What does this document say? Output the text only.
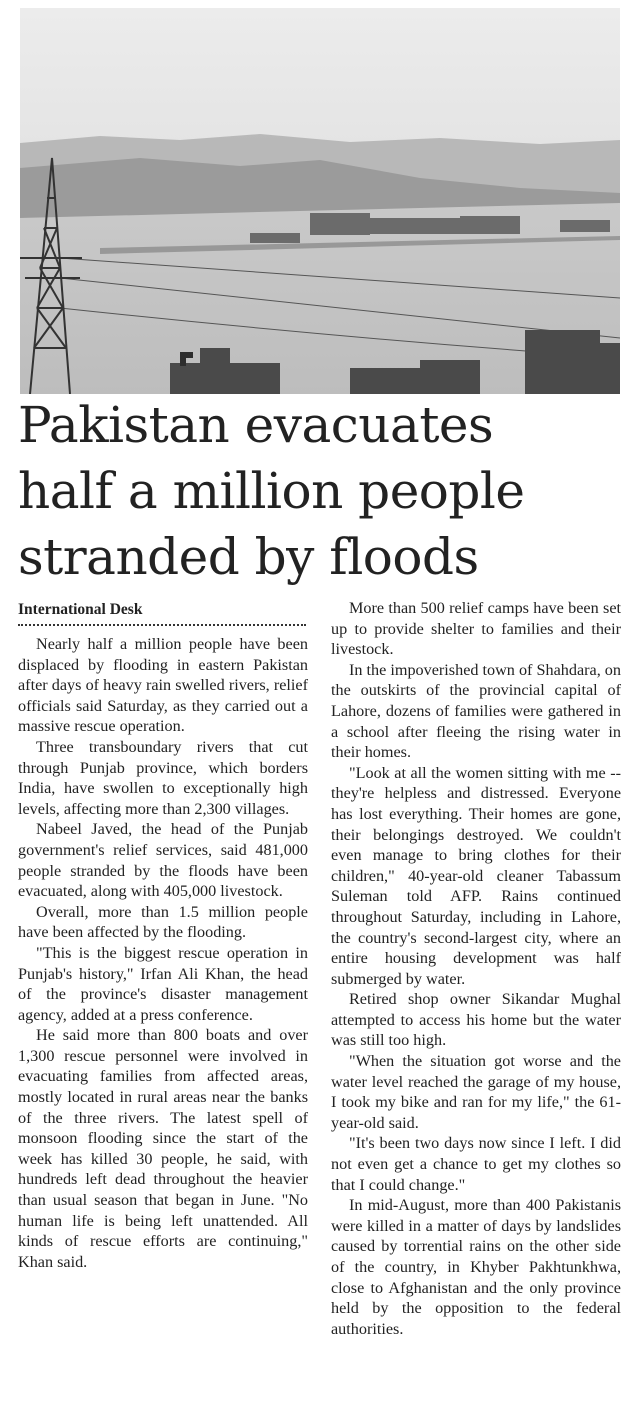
Pakistan evacuates
half a million people
stranded by floods
International Desk

Nearly half a million people have been displaced by flooding in eastern Pakistan after days of heavy rain swelled rivers, relief officials said Saturday, as they carried out a massive rescue operation.

Three transboundary rivers that cut through Punjab province, which borders India, have swollen to exceptionally high levels, affecting more than 2,300 villages.

Nabeel Javed, the head of the Punjab government's relief services, said 481,000 people stranded by the floods have been evacuated, along with 405,000 livestock.

Overall, more than 1.5 million people have been affected by the flooding.

"This is the biggest rescue operation in Punjab's history," Irfan Ali Khan, the head of the province's disaster management agency, added at a press conference.

He said more than 800 boats and over 1,300 rescue personnel were involved in evacuating families from affected areas, mostly located in rural areas near the banks of the three rivers. The latest spell of monsoon flooding since the start of the week has killed 30 people, he said, with hundreds left dead throughout the heavier than usual season that began in June. "No human life is being left unattended. All kinds of rescue efforts are continuing," Khan said.

More than 500 relief camps have been set up to provide shelter to families and their livestock.

In the impoverished town of Shahdara, on the outskirts of the provincial capital of Lahore, dozens of families were gathered in a school after fleeing the rising water in their homes.

"Look at all the women sitting with me -- they're helpless and distressed. Everyone has lost everything. Their homes are gone, their belongings destroyed. We couldn't even manage to bring clothes for their children," 40-year-old cleaner Tabassum Suleman told AFP. Rains continued throughout Saturday, including in Lahore, the country's second-largest city, where an entire housing development was half submerged by water.

Retired shop owner Sikandar Mughal attempted to access his home but the water was still too high.

"When the situation got worse and the water level reached the garage of my house, I took my bike and ran for my life," the 61-year-old said.

"It's been two days now since I left. I did not even get a chance to get my clothes so that I could change."

In mid-August, more than 400 Pakistanis were killed in a matter of days by landslides caused by torrential rains on the other side of the country, in Khyber Pakhtunkhwa, close to Afghanistan and the only province held by the opposition to the federal authorities.
